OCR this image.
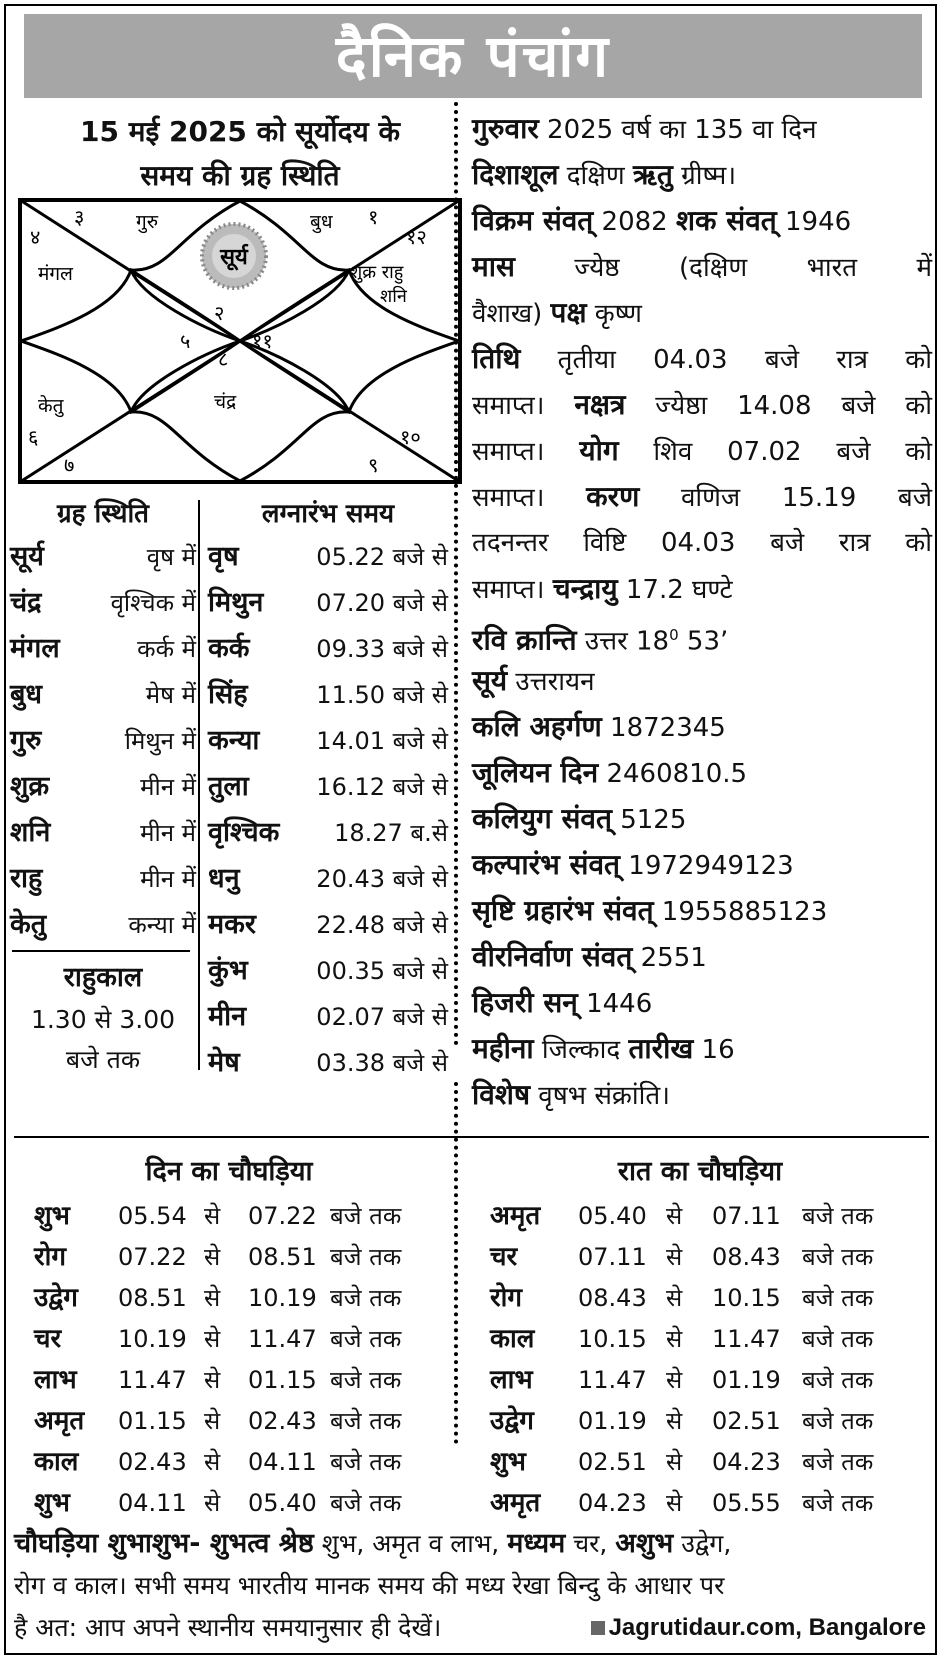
दैनिक पंचांग
15 मई 2025 को सूर्योदय के
समय की ग्रह स्थिति
सूर्य
३
४
१
१२
२
५	११
८
६	१०
७	९
गुरु	बुध
मंगल	शुक्र राहु
शनि
केतु	चंद्र
ग्रह स्थिति	लग्नारंभ समय
सूर्य	वृष में
चंद्र	वृश्चिक में
मंगल	कर्क में
बुध	मेष में
गुरु	मिथुन में
शुक्र	मीन में
शनि	मीन में
राहु	मीन में
केतु	कन्या में
वृष	05.22 बजे से
मिथुन 07.20 बजे से
कर्क	09.33 बजे से
सिंह	11.50 बजे से
कन्या 14.01 बजे से
तुला	16.12 बजे से
वृश्चिक 18.27 ब.से
धनु	20.43 बजे से
मकर	22.48 बजे से
कुंभ	00.35 बजे से
मीन	02.07 बजे से
मेष	03.38 बजे से
राहुकाल
1.30 से 3.00
बजे तक
गुरुवार 2025 वर्ष का 135 वा दिन
दिशाशूल दक्षिण ऋतु ग्रीष्म।
विक्रम संवत् 2082 शक संवत् 1946
मास ज्येष्ठ (दक्षिण भारत में
वैशाख) पक्ष कृष्ण
तिथि तृतीया 04.03 बजे रात्र को
समाप्त। नक्षत्र ज्येष्ठा 14.08 बजे को
समाप्त। योग शिव 07.02 बजे को
समाप्त। करण वणिज 15.19 बजे
तदनन्तर विष्टि 04.03 बजे रात्र को
समाप्त। चन्द्रायु 17.2 घण्टे
रवि क्रान्ति उत्तर $18^0$ 53’
सूर्य उत्तरायन
कलि अहर्गण 1872345
जूलियन दिन 2460810.5
कलियुग संवत् 5125
कल्पारंभ संवत् 1972949123
सृष्टि ग्रहारंभ संवत् 1955885123
वीरनिर्वाण संवत् 2551
हिजरी सन् 1446
महीना जिल्काद तारीख 16
विशेष वृषभ संक्रांति।
दिन का चौघड़िया	रात का चौघड़िया
शुभ 05.54 से 07.22 बजे तक
रोग 07.22 से 08.51 बजे तक
उद्वेग 08.51 से 10.19 बजे तक
चर 10.19 से 11.47 बजे तक
लाभ 11.47 से 01.15 बजे तक
अमृत 01.15 से 02.43 बजे तक
काल 02.43 से 04.11 बजे तक
शुभ 04.11 से 05.40 बजे तक
अमृत 05.40 से 07.11 बजे तक
चर	07.11 से 08.43 बजे तक
रोग 08.43 से 10.15 बजे तक
काल 10.15 से 11.47 बजे तक
लाभ 11.47 से 01.19 बजे तक
उद्वेग 01.19 से 02.51 बजे तक
शुभ 02.51 से 04.23 बजे तक
अमृत 04.23 से 05.55 बजे तक
चौघड़िया शुभाशुभ- शुभत्व श्रेष्ठ शुभ, अमृत व लाभ, मध्यम चर, अशुभ उद्वेग,
रोग व काल। सभी समय भारतीय मानक समय की मध्य रेखा बिन्दु के आधार पर
है अत: आप अपने स्थानीय समयानुसार ही देखें।	Jagrutidaur.com, Bangalore
